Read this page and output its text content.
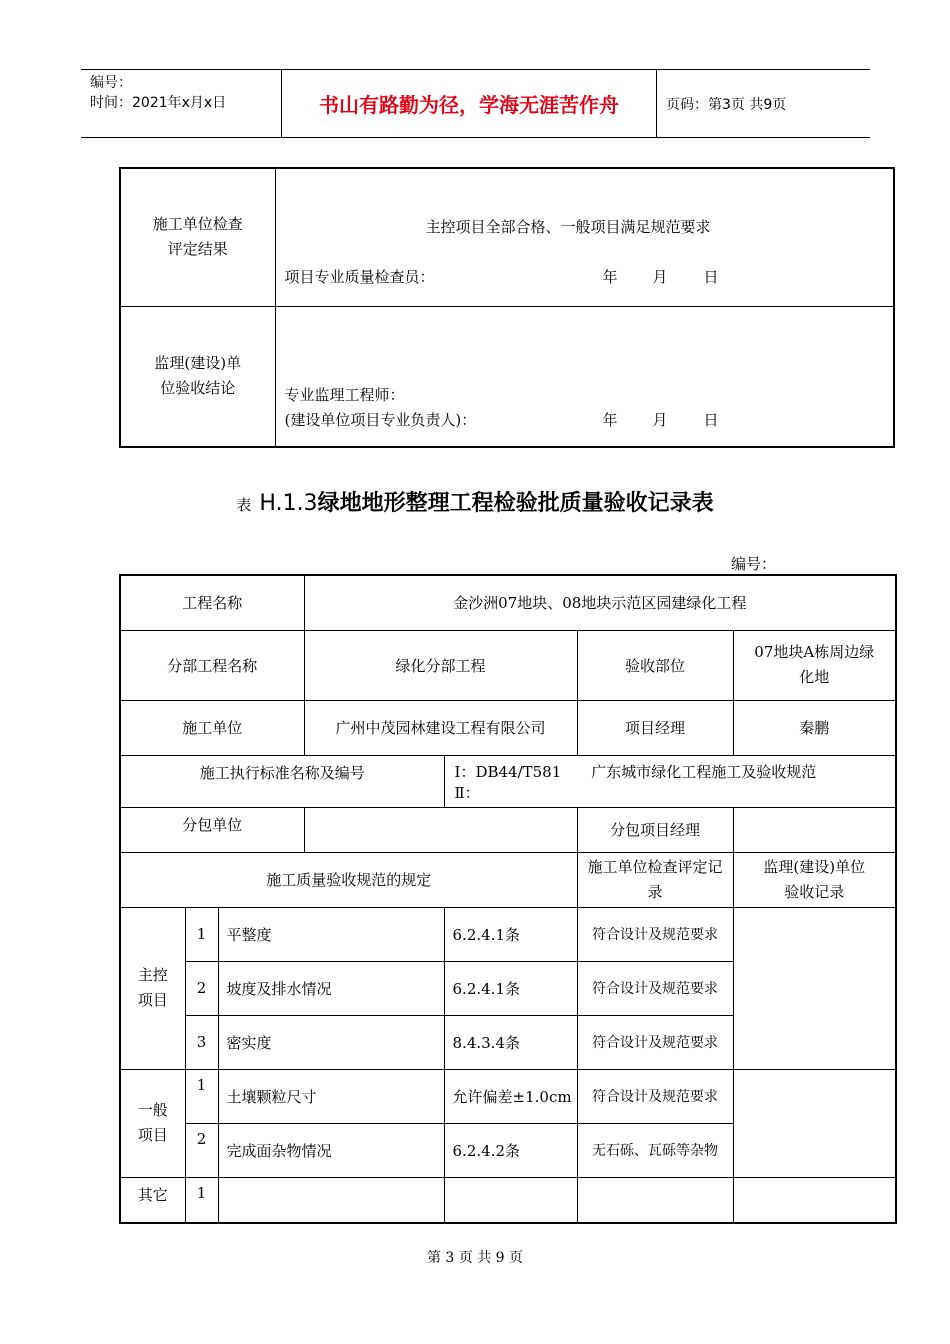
编号：
时间：2021年x月x日	书山有路勤为径，学海无涯苦作舟	页码：第3页 共9页
施工单位检查评定结果	主控项目全部合格、一般项目满足规范要求
项目专业质量检查员： 年 月 日

监理(建设)单位验收结论	专业监理工程师：
(建设单位项目专业负责人)： 年 月 日
表 H.1.3绿地地形整理工程检验批质量验收记录表
编号：
工程名称			金沙洲07地块、08地块示范区园建绿化工程			
分部工程名称			绿化分部工程		验收部位	07地块A栋周边绿化地

施工单位			广州中茂园林建设工程有限公司		项目经理	秦鹏
施工执行标准名称及编号				Ⅰ：DB44/T581　　广东城市绿化工程施工及验收规范
Ⅱ：		

分包单位					分包项目经理	
施工质量验收规范的规定					施工单位检查评定记录	监理(建设)单位验收记录

主控项目	1	平整度		6.2.4.1条	符合设计及规范要求	
	2	坡度及排水情况		6.2.4.1条	符合设计及规范要求	
	3	密实度		8.4.3.4条	符合设计及规范要求	

一般项目	1	土壤颗粒尺寸		允许偏差±1.0cm	符合设计及规范要求	
	2	完成面杂物情况		6.2.4.2条	无石砾、瓦砾等杂物	
其它	1					
第 3 页 共 9 页
